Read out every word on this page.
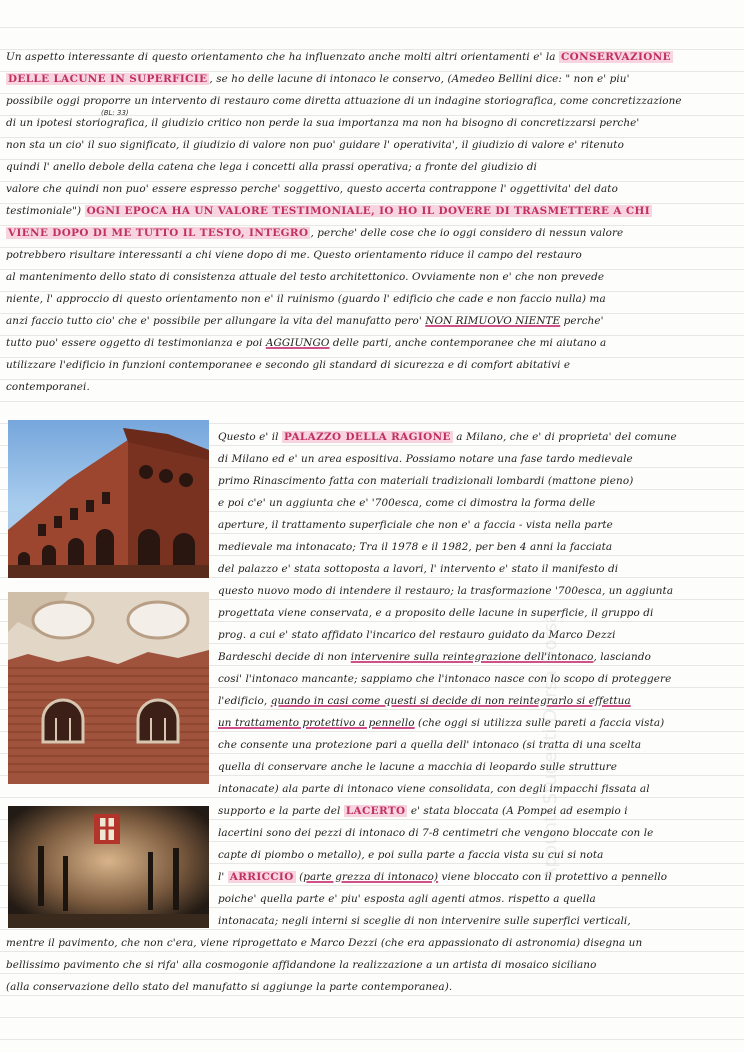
Un aspetto interessante di questo orientamento che ha influenzato anche molti altri orientamenti e' la CONSERVAZIONE
DELLE LACUNE IN SUPERFICIE , se ho delle lacune di intonaco le conservo, (Amedeo Bellini dice: " non e' piu'
possibile oggi proporre un intervento di restauro come diretta attuazione di un indagine storiografica, come concretizzazione
di un ipotesi storiografica, il giudizio critico non perde la sua importanza ma non ha bisogno di concretizzarsi perche'
non sta un cio' il suo significato, il giudizio di valore non puo' guidare l' operativita', il giudizio di valore e' ritenuto
quindi l' anello debole della catena che lega i concetti alla prassi operativa; a fronte del giudizio di
valore che quindi non puo' essere espresso perche' soggettivo, questo accerta contrappone l' oggettivita' del dato
testimoniale") OGNI EPOCA HA UN VALORE TESTIMONIALE, IO HO IL DOVERE DI TRASMETTERE A CHI
VIENE DOPO DI ME TUTTO IL TESTO, INTEGRO , perche' delle cose che io oggi considero di nessun valore
potrebbero risultare interessanti a chi viene dopo di me. Questo orientamento riduce il campo del restauro
al mantenimento dello stato di consistenza attuale del testo architettonico. Ovviamente non e' che non prevede
niente, l' approccio di questo orientamento non e' il ruinismo (guardo l' edificio che cade e non faccio nulla) ma
anzi faccio tutto cio' che e' possibile per allungare la vita del manufatto pero' NON RIMUOVO NIENTE perche'
tutto puo' essere oggetto di testimonianza e poi AGGIUNGO delle parti, anche contemporanee che mi aiutano a
utilizzare l'edificio in funzioni contemporanee e secondo gli standard di sicurezza e di comfort abitativi e
contemporanei.
Questo e' il PALAZZO DELLA RAGIONE a Milano, che e' di proprieta' del comune
di Milano ed e' un area espositiva. Possiamo notare una fase tardo medievale
primo Rinascimento fatta con materiali tradizionali lombardi (mattone pieno)
e poi c'e' un aggiunta che e' '700esca, come ci dimostra la forma delle
aperture, il trattamento superficiale che non e' a faccia - vista nella parte
medievale ma intonacato; Tra il 1978 e il 1982, per ben 4 anni la facciata
del palazzo e' stata sottoposta a lavori, l' intervento e' stato il manifesto di
questo nuovo modo di intendere il restauro; la trasformazione '700esca, un aggiunta
progettata viene conservata, e a proposito delle lacune in superficie, il gruppo di
prog. a cui e' stato affidato l'incarico del restauro guidato da Marco Dezzi
Bardeschi decide di non intervenire sulla reintegrazione dell'intonaco, lasciando
cosi' l'intonaco mancante; sappiamo che l'intonaco nasce con lo scopo di proteggere
l'edificio, quando in casi come questi si decide di non reintegrarlo si effettua
un trattamento protettivo a pennello (che oggi si utilizza sulle pareti a faccia vista)
che consente una protezione pari a quella dell' intonaco (si tratta di una scelta
quella di conservare anche le lacune a macchia di leopardo sulle strutture
intonacate) ala parte di intonaco viene consolidata, con degli impacchi fissata al
supporto e la parte del LACERTO e' stata bloccata (A Pompei ad esempio i
lacertini sono dei pezzi di intonaco di 7-8 centimetri che vengono bloccate con le
capte di piombo o metallo), e poi sulla parte a faccia vista su cui si nota
l' ARRICCIO (parte grezza di intonaco) viene bloccato con il protettivo a pennello
poiche' quella parte e' piu' esposta agli agenti atmos. rispetto a quella
intonacata; negli interni si sceglie di non intervenire sulle superfici verticali,
mentre il pavimento, che non c'era, viene riprogettato e Marco Dezzi (che era appassionato di astronomia) disegna un
bellissimo pavimento che si rifa' alla cosmogonie affidandone la realizzazione a un artista di mosaico siciliano
(alla conservazione dello stato del manufatto si aggiunge la parte contemporanea).
(BL: 33)
Appunti Studenti Dorsa Dorsa
